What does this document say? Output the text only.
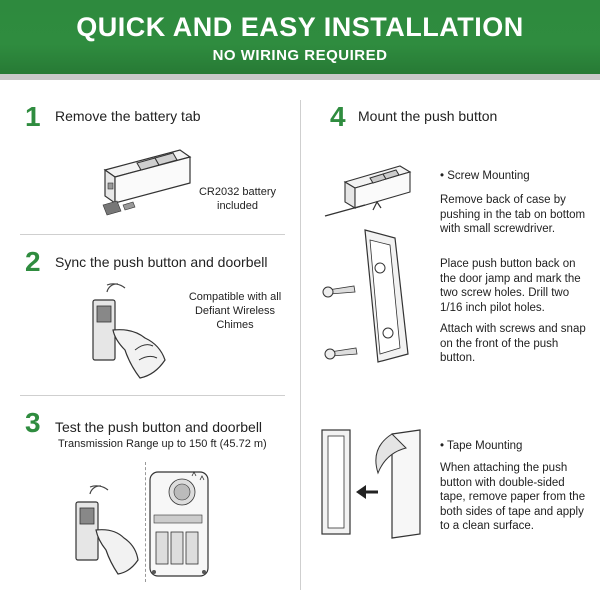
QUICK AND EASY INSTALLATION
NO WIRING REQUIRED
1 Remove the battery tab
CR2032 battery included
2 Sync the push button and doorbell
Compatible with all Defiant Wireless Chimes
3 Test the push button and doorbell
Transmission Range up to 150 ft (45.72 m)
4 Mount the push button
• Screw Mounting
Remove back of case by pushing in the tab on bottom with small screwdriver.
Place push button back on the door jamp and mark the two screw holes. Drill two 1/16 inch pilot holes.
Attach with screws and snap on the front of the push button.
• Tape Mounting
When attaching the push button with double-sided tape, remove paper from the both sides of tape and apply to a clean surface.
